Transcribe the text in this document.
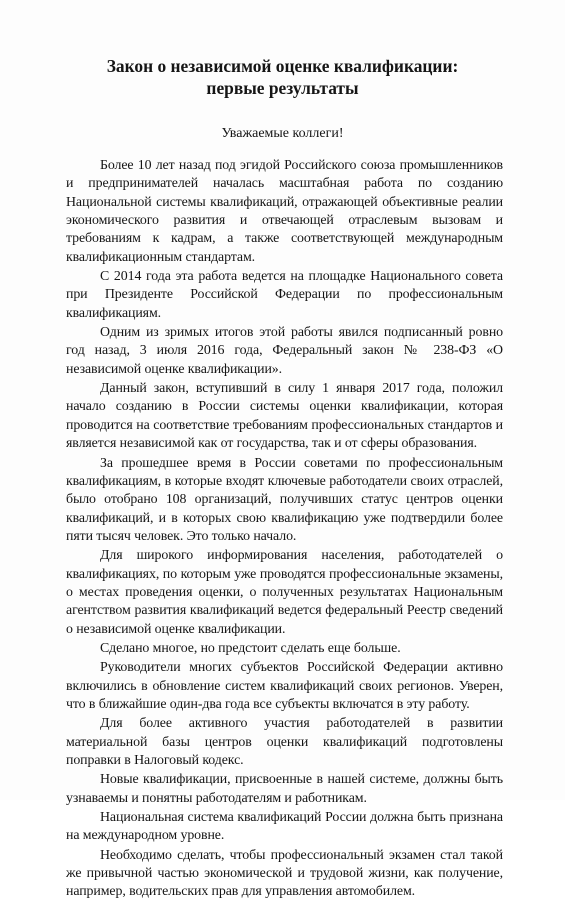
Закон о независимой оценке квалификации:
первые результаты
Уважаемые коллеги!

Более 10 лет назад под эгидой Российского союза промышленников и предпринимателей началась масштабная работа по созданию Национальной системы квалификаций, отражающей объективные реалии экономического развития и отвечающей отраслевым вызовам и требованиям к кадрам, а также соответствующей международным квалификационным стандартам.

С 2014 года эта работа ведется на площадке Национального совета при Президенте Российской Федерации по профессиональным квалификациям.

Одним из зримых итогов этой работы явился подписанный ровно год назад, 3 июля 2016 года, Федеральный закон № 238-ФЗ «О независимой оценке квалификации».

Данный закон, вступивший в силу 1 января 2017 года, положил начало созданию в России системы оценки квалификации, которая проводится на соответствие требованиям профессиональных стандартов и является независимой как от государства, так и от сферы образования.

За прошедшее время в России советами по профессиональным квалификациям, в которые входят ключевые работодатели своих отраслей, было отобрано 108 организаций, получивших статус центров оценки квалификаций, и в которых свою квалификацию уже подтвердили более пяти тысяч человек. Это только начало.

Для широкого информирования населения, работодателей о квалификациях, по которым уже проводятся профессиональные экзамены, о местах проведения оценки, о полученных результатах Национальным агентством развития квалификаций ведется федеральный Реестр сведений о независимой оценке квалификации.

Сделано многое, но предстоит сделать еще больше.

Руководители многих субъектов Российской Федерации активно включились в обновление систем квалификаций своих регионов. Уверен, что в ближайшие один-два года все субъекты включатся в эту работу.

Для более активного участия работодателей в развитии материальной базы центров оценки квалификаций подготовлены поправки в Налоговый кодекс.

Новые квалификации, присвоенные в нашей системе, должны быть узнаваемы и понятны работодателям и работникам.

Национальная система квалификаций России должна быть признана на международном уровне.

Необходимо сделать, чтобы профессиональный экзамен стал такой же привычной частью экономической и трудовой жизни, как получение, например, водительских прав для управления автомобилем.
